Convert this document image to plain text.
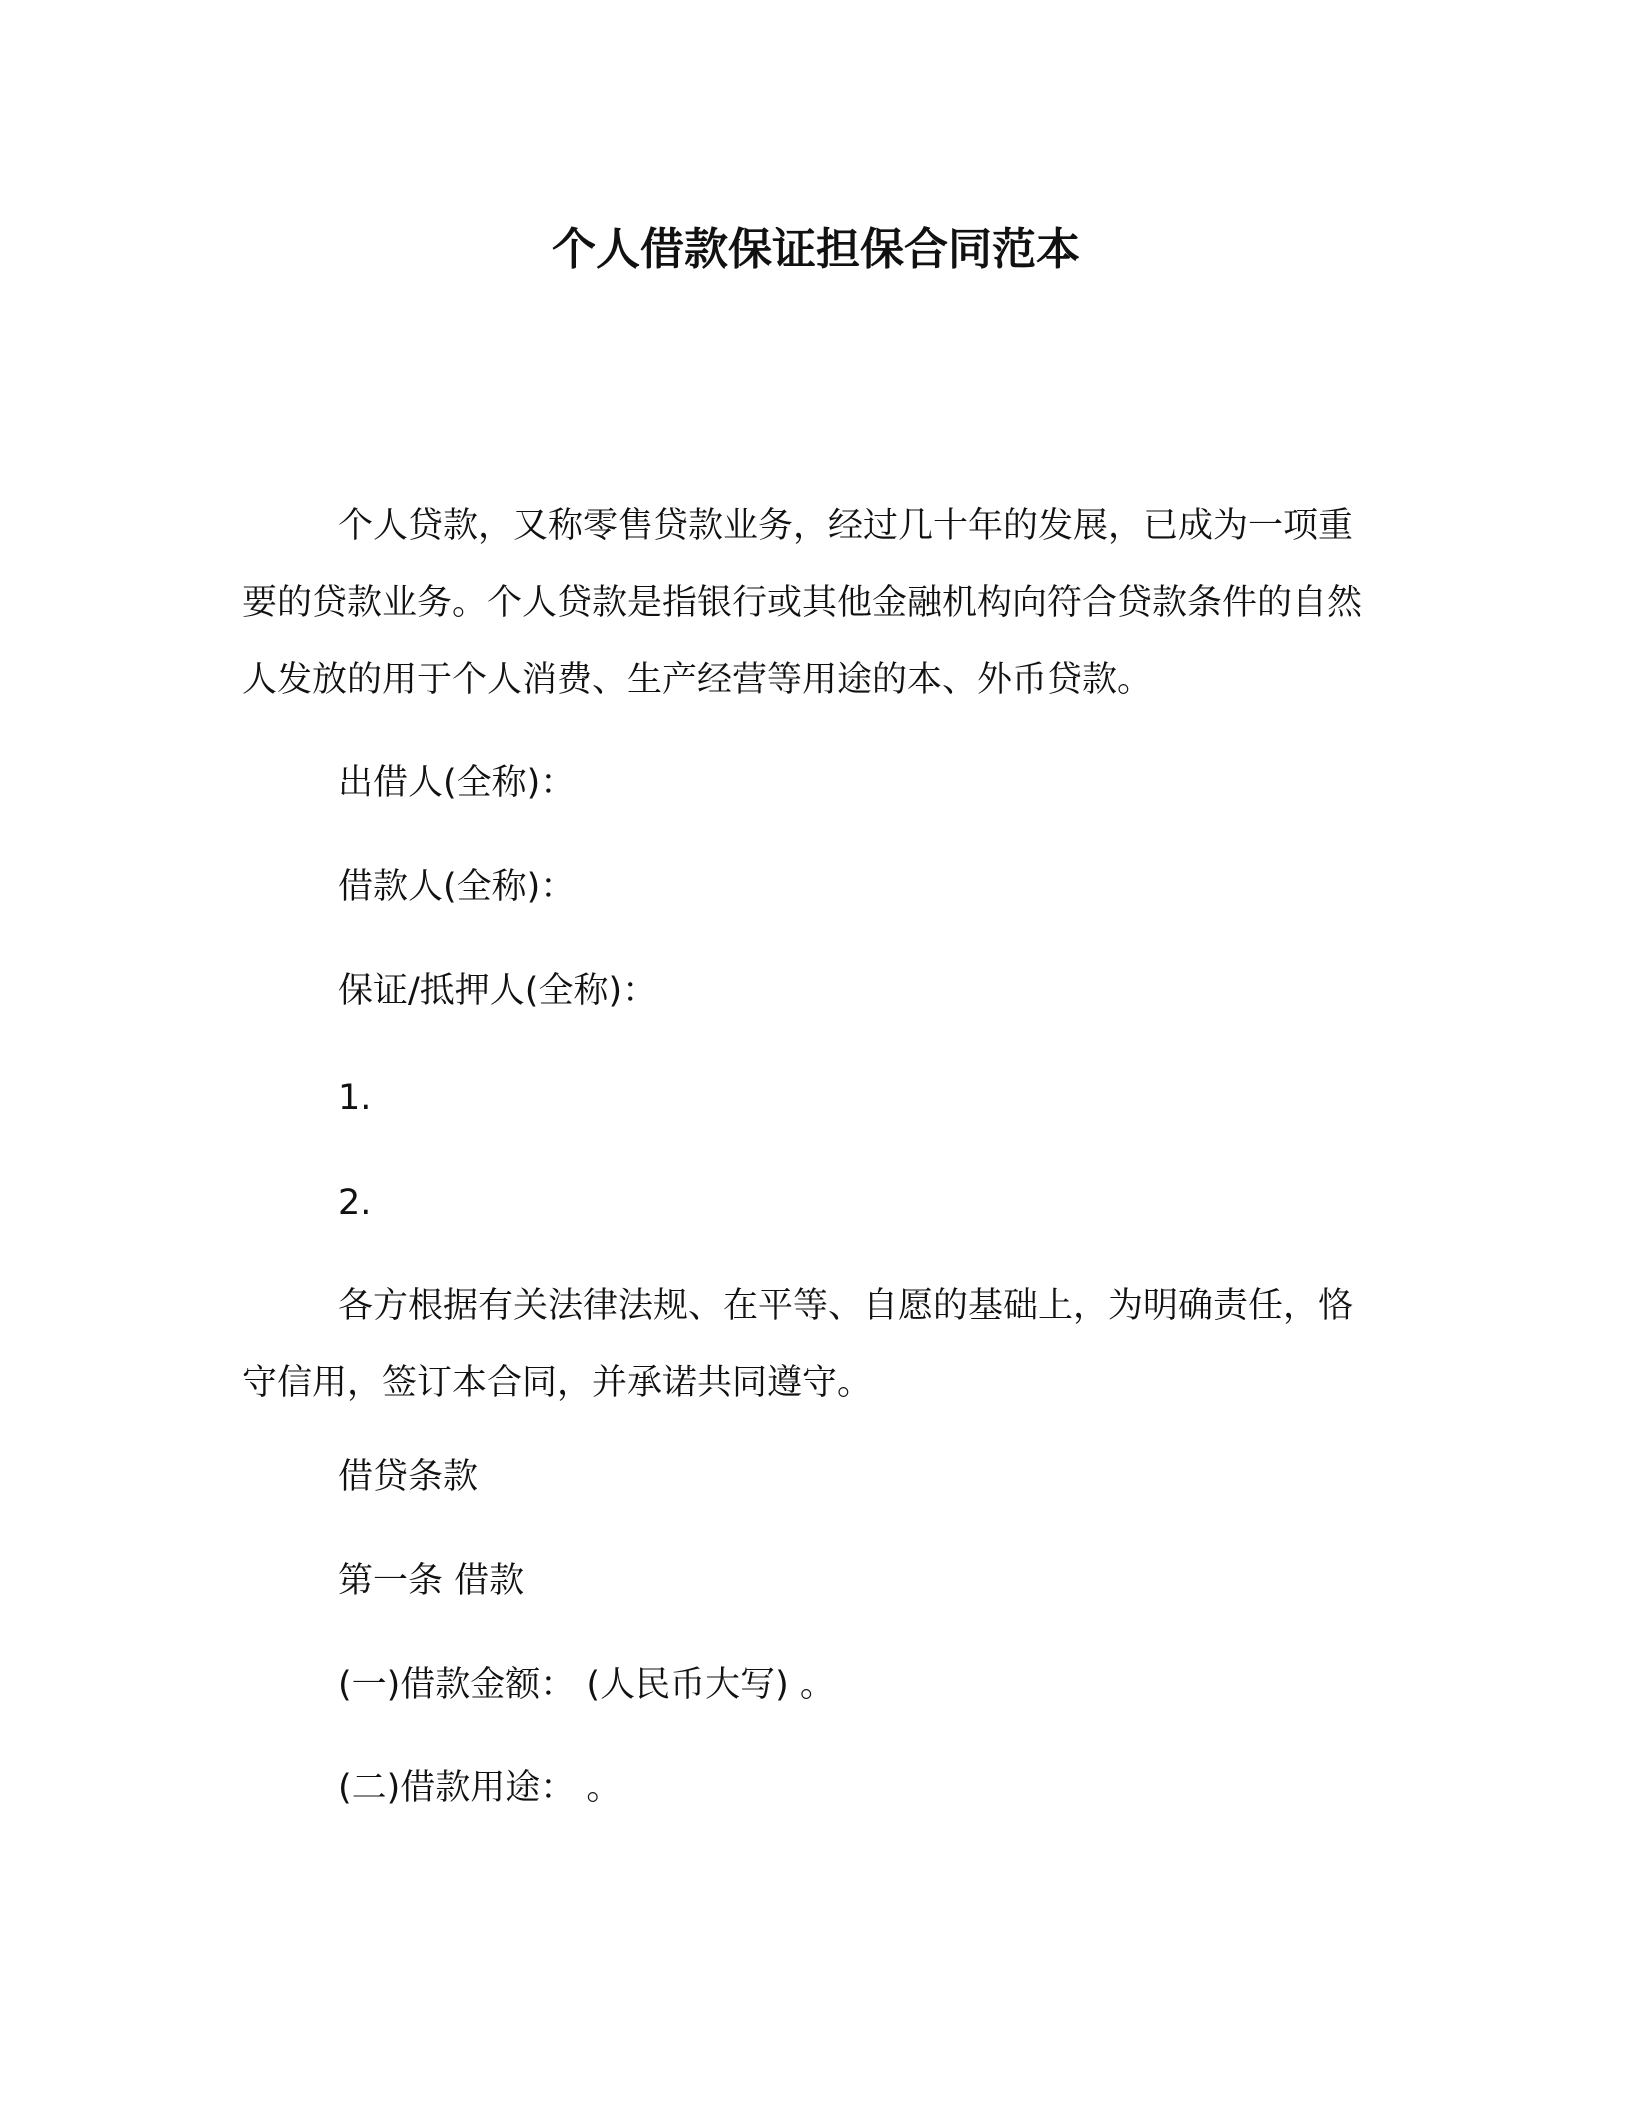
个人借款保证担保合同范本

个人贷款，又称零售贷款业务，经过几十年的发展，已成为一项重要的贷款业务。个人贷款是指银行或其他金融机构向符合贷款条件的自然人发放的用于个人消费、生产经营等用途的本、外币贷款。

出借人(全称)：

借款人(全称)：

保证/抵押人(全称)：

1.

2.

各方根据有关法律法规、在平等、自愿的基础上，为明确责任，恪守信用，签订本合同，并承诺共同遵守。

借贷条款

第一条 借款

(一)借款金额： (人民币大写) 。

(二)借款用途： 。
